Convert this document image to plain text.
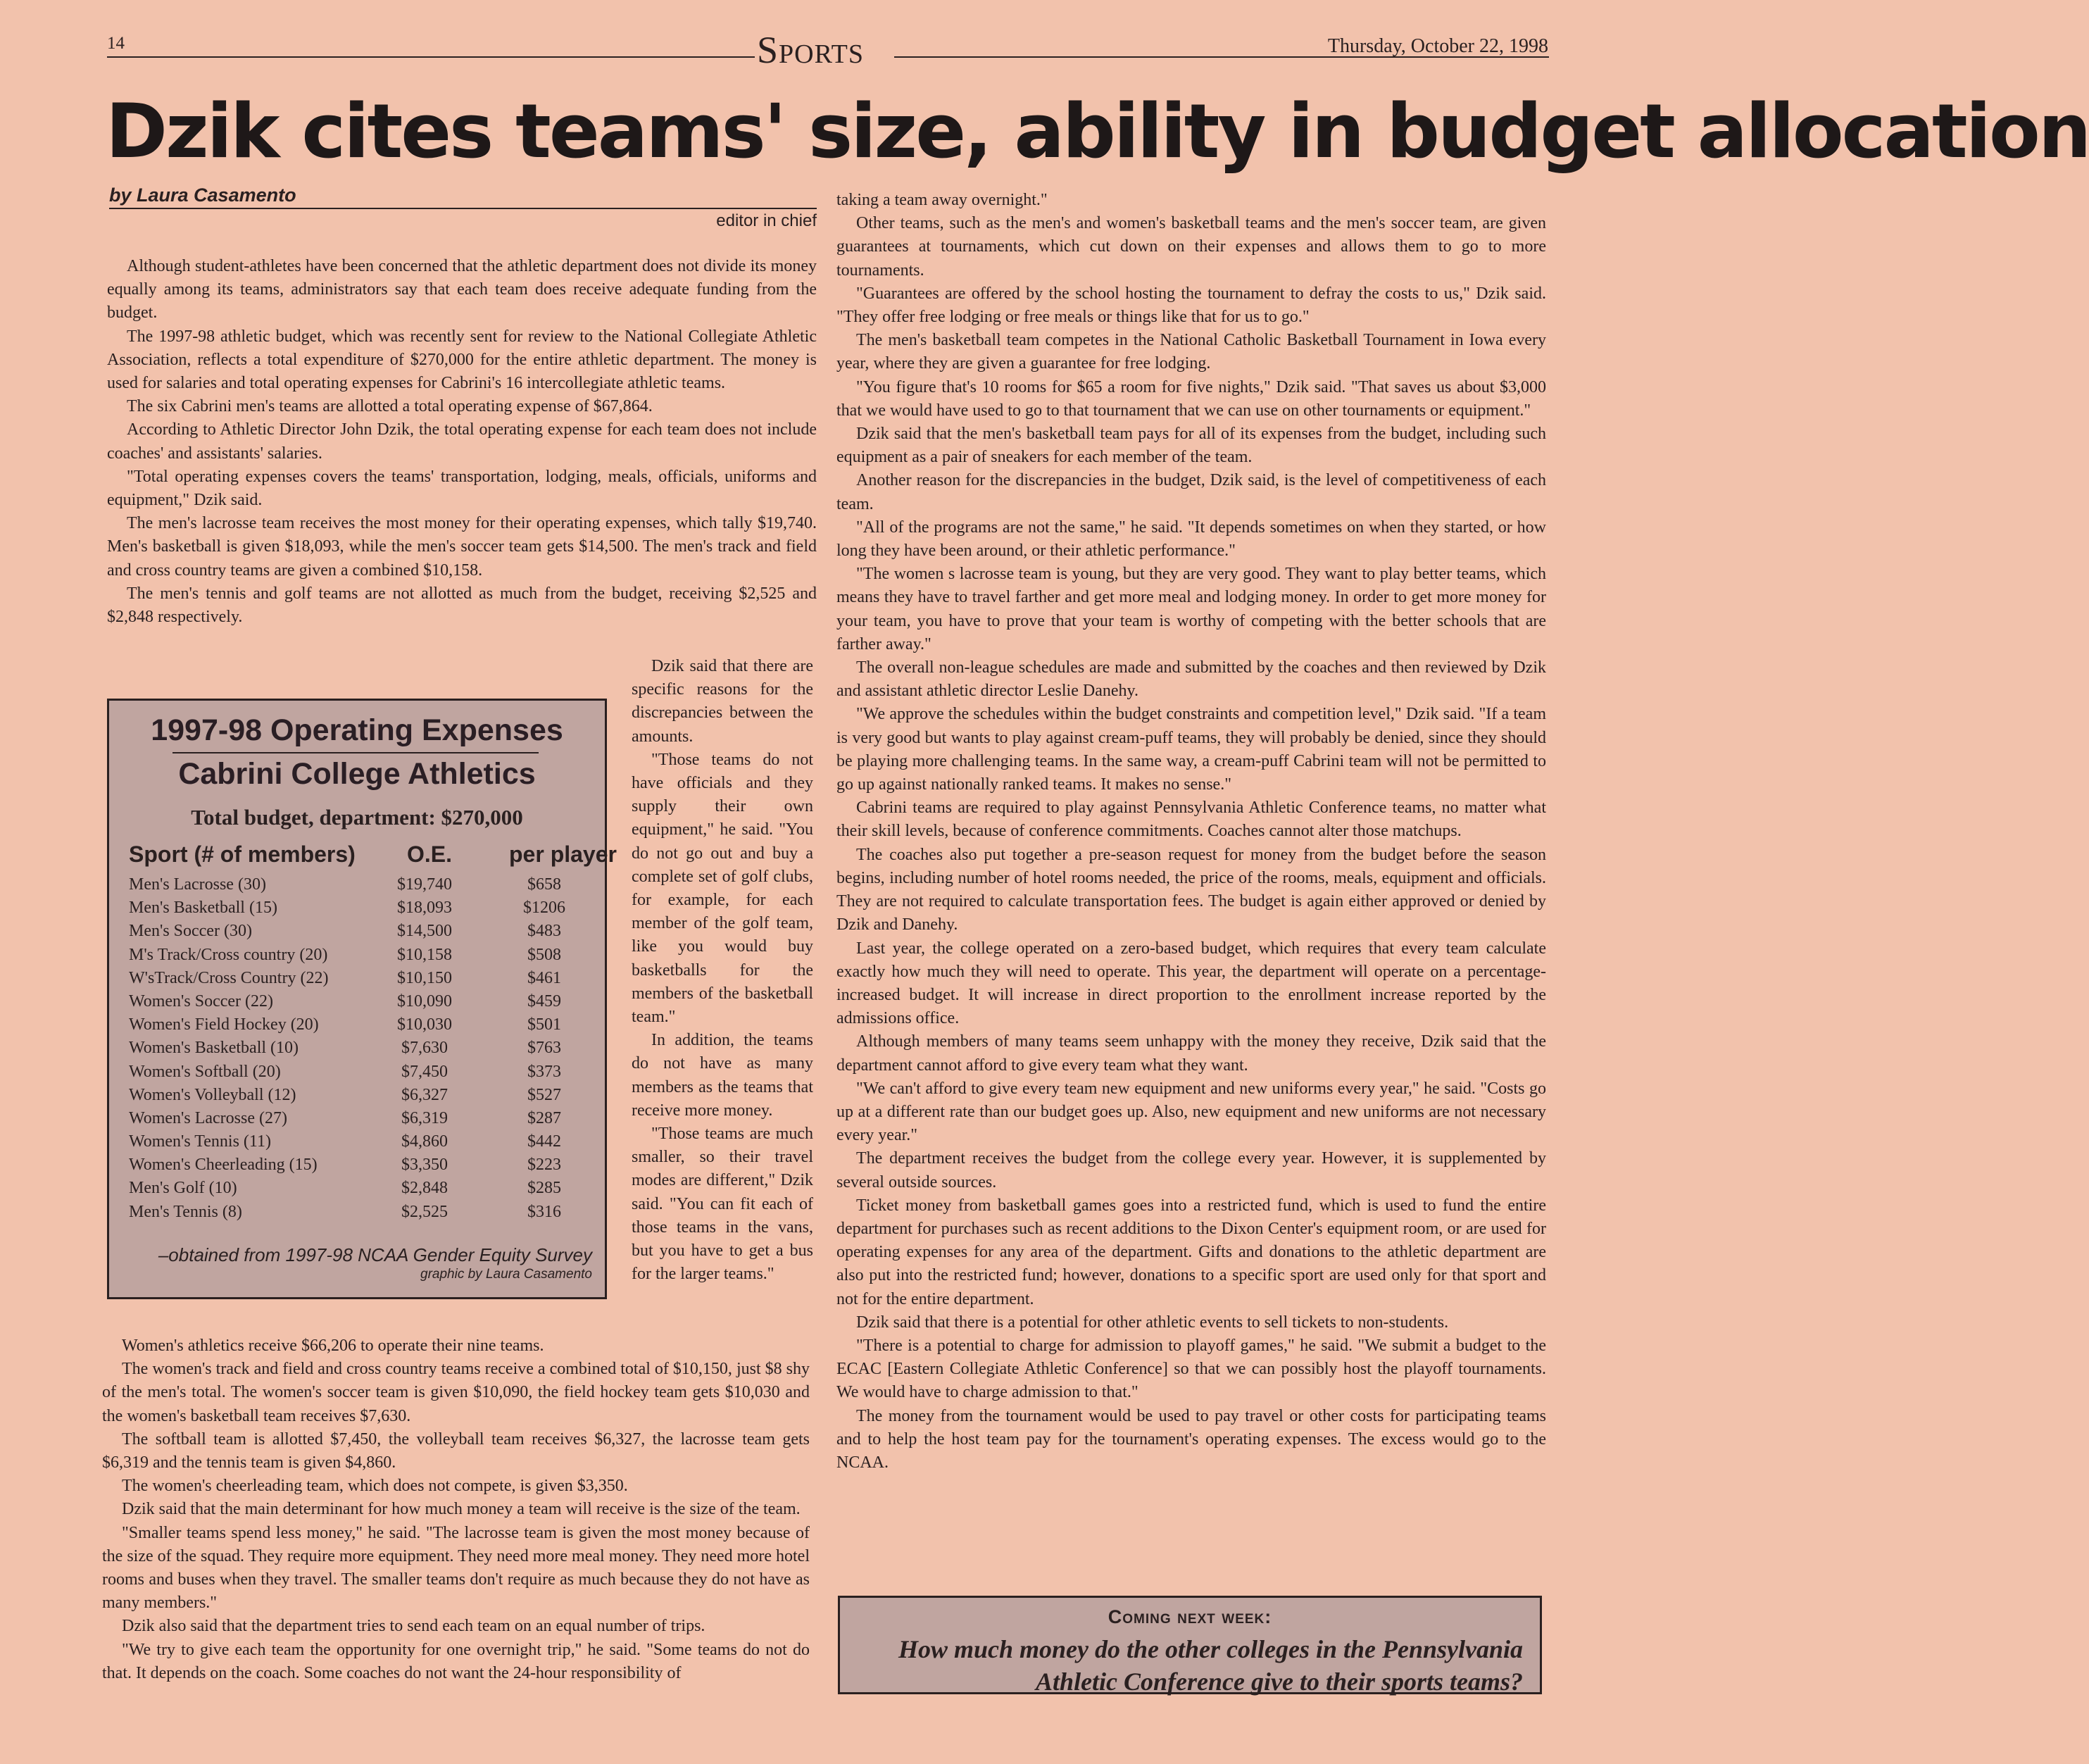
14	Sports	Thursday, October 22, 1998
Dzik cites teams' size, ability in budget allocation
by Laura Casamento
editor in chief

Although student-athletes have been concerned that the athletic department does not divide its money equally among its teams, administrators say that each team does receive adequate funding from the budget.

The 1997-98 athletic budget, which was recently sent for review to the National Collegiate Athletic Association, reflects a total expenditure of $270,000 for the entire athletic department. The money is used for salaries and total operating expenses for Cabrini's 16 intercollegiate athletic teams.

The six Cabrini men's teams are allotted a total operating expense of $67,864.

According to Athletic Director John Dzik, the total operating expense for each team does not include coaches' and assistants' salaries.

"Total operating expenses covers the teams' transportation, lodging, meals, officials, uniforms and equipment," Dzik said.

The men's lacrosse team receives the most money for their operating expenses, which tally $19,740. Men's basketball is given $18,093, while the men's soccer team gets $14,500. The men's track and field and cross country teams are given a combined $10,158.

The men's tennis and golf teams are not allotted as much from the budget, receiving $2,525 and $2,848 respectively.

1997-98 Operating Expenses
Cabrini College Athletics
Total budget, department: $270,000
Sport (# of members)	O.E.	per player
Men's Lacrosse (30)	$19,740	$658
Men's Basketball (15)	$18,093	$1206
Men's Soccer (30)	$14,500	$483
M's Track/Cross country (20)	$10,158	$508
W'sTrack/Cross Country (22)	$10,150	$461
Women's Soccer (22)	$10,090	$459
Women's Field Hockey (20)	$10,030	$501
Women's Basketball (10)	$7,630	$763
Women's Softball (20)	$7,450	$373
Women's Volleyball (12)	$6,327	$527
Women's Lacrosse (27)	$6,319	$287
Women's Tennis (11)	$4,860	$442
Women's Cheerleading (15)	$3,350	$223
Men's Golf (10)	$2,848	$285
Men's Tennis (8)	$2,525	$316
–obtained from 1997-98 NCAA Gender Equity Survey
graphic by Laura Casamento

Dzik said that there are specific reasons for the discrepancies between the amounts.

"Those teams do not have officials and they supply their own equipment," he said. "You do not go out and buy a complete set of golf clubs, for example, for each member of the golf team, like you would buy basketballs for the members of the basketball team."

In addition, the teams do not have as many members as the teams that receive more money.

"Those teams are much smaller, so their travel modes are different," Dzik said. "You can fit each of those teams in the vans, but you have to get a bus for the larger teams."

Women's athletics receive $66,206 to operate their nine teams.

The women's track and field and cross country teams receive a combined total of $10,150, just $8 shy of the men's total. The women's soccer team is given $10,090, the field hockey team gets $10,030 and the women's basketball team receives $7,630.

The softball team is allotted $7,450, the volleyball team receives $6,327, the lacrosse team gets $6,319 and the tennis team is given $4,860.

The women's cheerleading team, which does not compete, is given $3,350.

Dzik said that the main determinant for how much money a team will receive is the size of the team.

"Smaller teams spend less money," he said. "The lacrosse team is given the most money because of the size of the squad. They require more equipment. They need more meal money. They need more hotel rooms and buses when they travel. The smaller teams don't require as much because they do not have as many members."

Dzik also said that the department tries to send each team on an equal number of trips.

"We try to give each team the opportunity for one overnight trip," he said. "Some teams do not do that. It depends on the coach. Some coaches do not want the 24-hour responsibility of

taking a team away overnight."

Other teams, such as the men's and women's basketball teams and the men's soccer team, are given guarantees at tournaments, which cut down on their expenses and allows them to go to more tournaments.

"Guarantees are offered by the school hosting the tournament to defray the costs to us," Dzik said. "They offer free lodging or free meals or things like that for us to go."

The men's basketball team competes in the National Catholic Basketball Tournament in Iowa every year, where they are given a guarantee for free lodging.

"You figure that's 10 rooms for $65 a room for five nights," Dzik said. "That saves us about $3,000 that we would have used to go to that tournament that we can use on other tournaments or equipment."

Dzik said that the men's basketball team pays for all of its expenses from the budget, including such equipment as a pair of sneakers for each member of the team.

Another reason for the discrepancies in the budget, Dzik said, is the level of competitiveness of each team.

"All of the programs are not the same," he said. "It depends sometimes on when they started, or how long they have been around, or their athletic performance."

"The women s lacrosse team is young, but they are very good. They want to play better teams, which means they have to travel farther and get more meal and lodging money. In order to get more money for your team, you have to prove that your team is worthy of competing with the better schools that are farther away."

The overall non-league schedules are made and submitted by the coaches and then reviewed by Dzik and assistant athletic director Leslie Danehy.

"We approve the schedules within the budget constraints and competition level," Dzik said. "If a team is very good but wants to play against cream-puff teams, they will probably be denied, since they should be playing more challenging teams. In the same way, a cream-puff Cabrini team will not be permitted to go up against nationally ranked teams. It makes no sense."

Cabrini teams are required to play against Pennsylvania Athletic Conference teams, no matter what their skill levels, because of conference commitments. Coaches cannot alter those matchups.

The coaches also put together a pre-season request for money from the budget before the season begins, including number of hotel rooms needed, the price of the rooms, meals, equipment and officials. They are not required to calculate transportation fees. The budget is again either approved or denied by Dzik and Danehy.

Last year, the college operated on a zero-based budget, which requires that every team calculate exactly how much they will need to operate. This year, the department will operate on a percentage-increased budget. It will increase in direct proportion to the enrollment increase reported by the admissions office.

Although members of many teams seem unhappy with the money they receive, Dzik said that the department cannot afford to give every team what they want.

"We can't afford to give every team new equipment and new uniforms every year," he said. "Costs go up at a different rate than our budget goes up. Also, new equipment and new uniforms are not necessary every year."

The department receives the budget from the college every year. However, it is supplemented by several outside sources.

Ticket money from basketball games goes into a restricted fund, which is used to fund the entire department for purchases such as recent additions to the Dixon Center's equipment room, or are used for operating expenses for any area of the department. Gifts and donations to the athletic department are also put into the restricted fund; however, donations to a specific sport are used only for that sport and not for the entire department.

Dzik said that there is a potential for other athletic events to sell tickets to non-students.

"There is a potential to charge for admission to playoff games," he said. "We submit a budget to the ECAC [Eastern Collegiate Athletic Conference] so that we can possibly host the playoff tournaments. We would have to charge admission to that."

The money from the tournament would be used to pay travel or other costs for participating teams and to help the host team pay for the tournament's operating expenses. The excess would go to the NCAA.

Coming next week:
How much money do the other colleges in the Pennsylvania Athletic Conference give to their sports teams?
